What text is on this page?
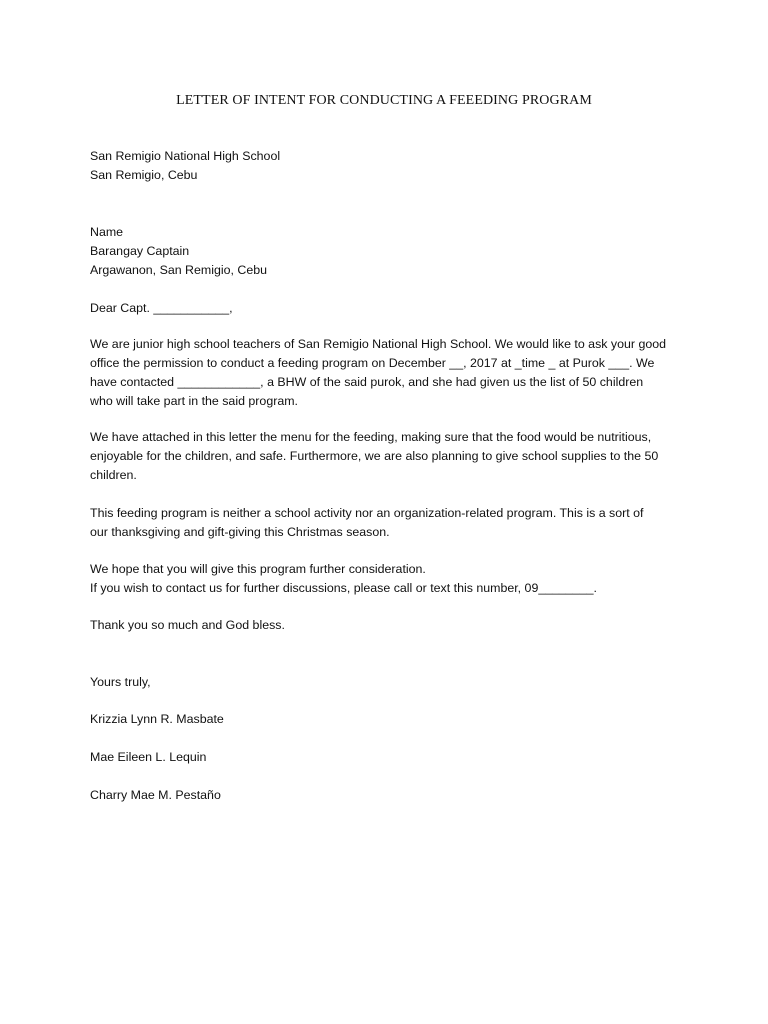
LETTER OF INTENT FOR CONDUCTING A FEEEDING PROGRAM
San Remigio National High School
San Remigio, Cebu
Name
Barangay Captain
Argawanon, San Remigio, Cebu
Dear Capt. ___________,
We are junior high school teachers of San Remigio National High School. We would like to ask your good
office the permission to conduct a feeding program on December __, 2017 at _time _ at Purok ___. We
have contacted ____________, a BHW of the said purok, and she had given us the list of 50 children
who will take part in the said program.
We have attached in this letter the menu for the feeding, making sure that the food would be nutritious,
enjoyable for the children, and safe. Furthermore, we are also planning to give school supplies to the 50
children.
This feeding program is neither a school activity nor an organization-related program. This is a sort of
our thanksgiving and gift-giving this Christmas season.
We hope that you will give this program further consideration.
If you wish to contact us for further discussions, please call or text this number, 09________.
Thank you so much and God bless.
Yours truly,
Krizzia Lynn R. Masbate
Mae Eileen L. Lequin
Charry Mae M. Pestaño
